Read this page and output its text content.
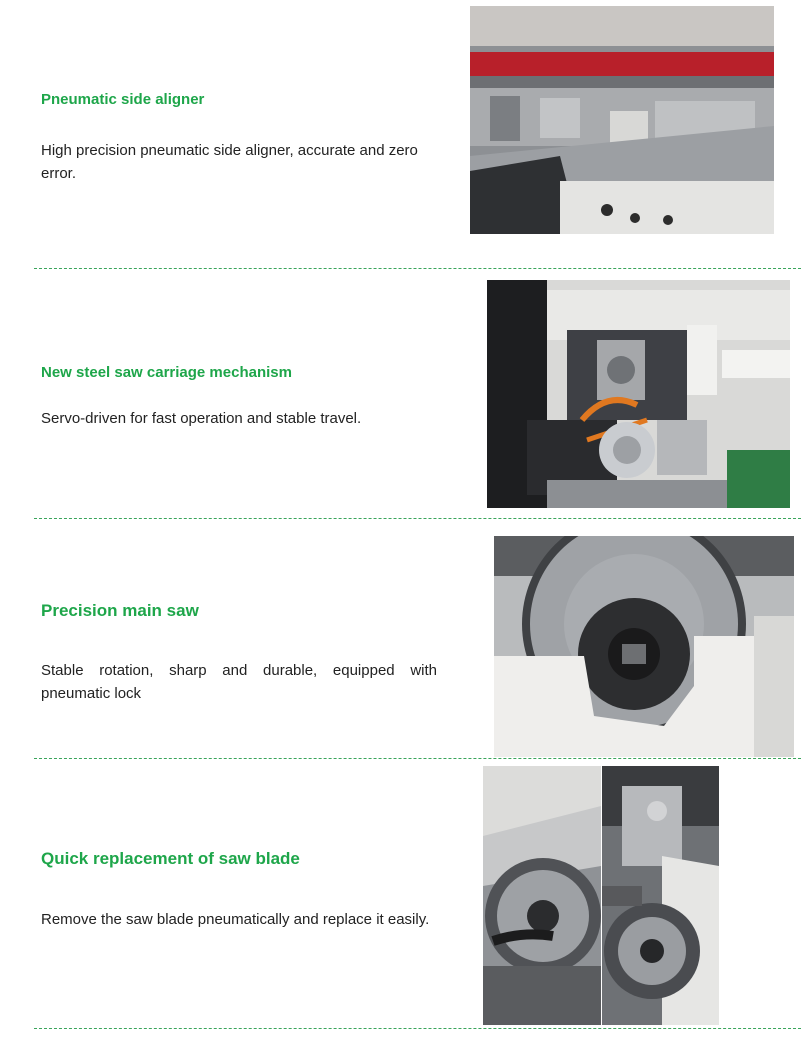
Pneumatic side aligner

High precision pneumatic side aligner, accurate and zero error.

New steel saw carriage mechanism

Servo-driven for fast operation and stable travel.

Precision main saw

Stable rotation, sharp and durable, equipped with pneumatic lock

Quick replacement of saw blade

Remove the saw blade pneumatically and replace it easily.
